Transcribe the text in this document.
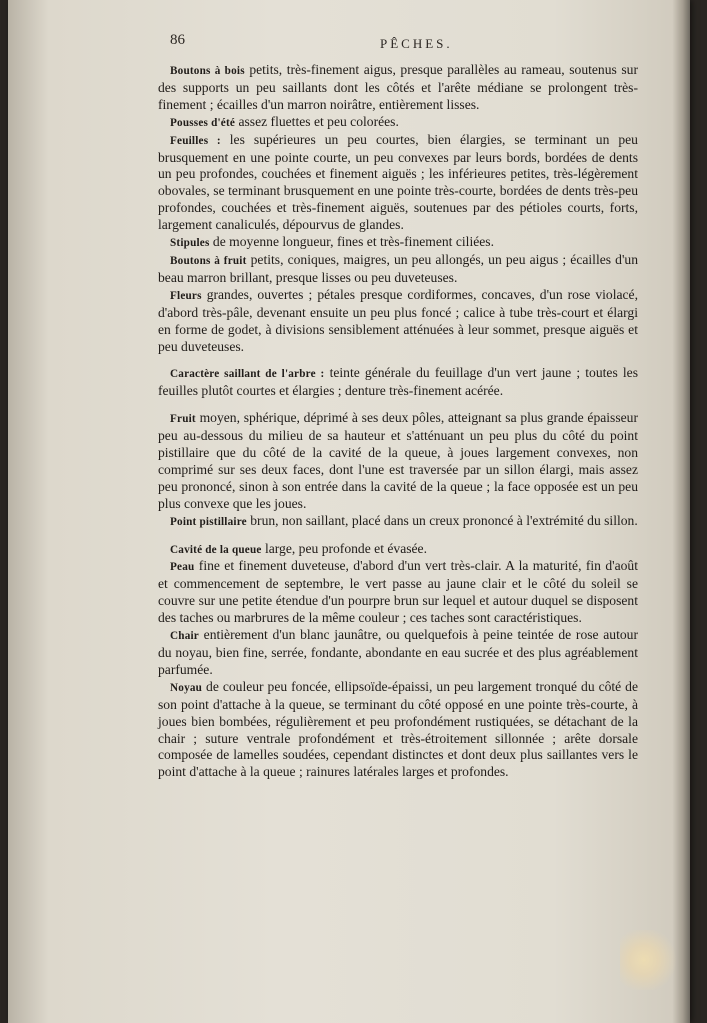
86	PÊCHES.

Boutons à bois petits, très-finement aigus, presque parallèles au rameau, soutenus sur des supports un peu saillants dont les côtés et l'arête médiane se prolongent très-finement ; écailles d'un marron noirâtre, entièrement lisses.

Pousses d'été assez fluettes et peu colorées.

Feuilles : les supérieures un peu courtes, bien élargies, se terminant un peu brusquement en une pointe courte, un peu convexes par leurs bords, bordées de dents un peu profondes, couchées et finement aiguës ; les inférieures petites, très-légèrement obovales, se terminant brusquement en une pointe très-courte, bordées de dents très-peu profondes, couchées et très-finement aiguës, soutenues par des pétioles courts, forts, largement canaliculés, dépourvus de glandes.

Stipules de moyenne longueur, fines et très-finement ciliées.

Boutons à fruit petits, coniques, maigres, un peu allongés, un peu aigus ; écailles d'un beau marron brillant, presque lisses ou peu duveteuses.

Fleurs grandes, ouvertes ; pétales presque cordiformes, concaves, d'un rose violacé, d'abord très-pâle, devenant ensuite un peu plus foncé ; calice à tube très-court et élargi en forme de godet, à divisions sensiblement atténuées à leur sommet, presque aiguës et peu duveteuses.

Caractère saillant de l'arbre : teinte générale du feuillage d'un vert jaune ; toutes les feuilles plutôt courtes et élargies ; denture très-finement acérée.

Fruit moyen, sphérique, déprimé à ses deux pôles, atteignant sa plus grande épaisseur peu au-dessous du milieu de sa hauteur et s'atténuant un peu plus du côté du point pistillaire que du côté de la cavité de la queue, à joues largement convexes, non comprimé sur ses deux faces, dont l'une est traversée par un sillon élargi, mais assez peu prononcé, sinon à son entrée dans la cavité de la queue ; la face opposée est un peu plus convexe que les joues.

Point pistillaire brun, non saillant, placé dans un creux prononcé à l'extrémité du sillon.

Cavité de la queue large, peu profonde et évasée.

Peau fine et finement duveteuse, d'abord d'un vert très-clair. A la maturité, fin d'août et commencement de septembre, le vert passe au jaune clair et le côté du soleil se couvre sur une petite étendue d'un pourpre brun sur lequel et autour duquel se disposent des taches ou marbrures de la même couleur ; ces taches sont caractéristiques.

Chair entièrement d'un blanc jaunâtre, ou quelquefois à peine teintée de rose autour du noyau, bien fine, serrée, fondante, abondante en eau sucrée et des plus agréablement parfumée.

Noyau de couleur peu foncée, ellipsoïde-épaissi, un peu largement tronqué du côté de son point d'attache à la queue, se terminant du côté opposé en une pointe très-courte, à joues bien bombées, régulièrement et peu profondément rustiquées, se détachant de la chair ; suture ventrale profondément et très-étroitement sillonnée ; arête dorsale composée de lamelles soudées, cependant distinctes et dont deux plus saillantes vers le point d'attache à la queue ; rainures latérales larges et profondes.
